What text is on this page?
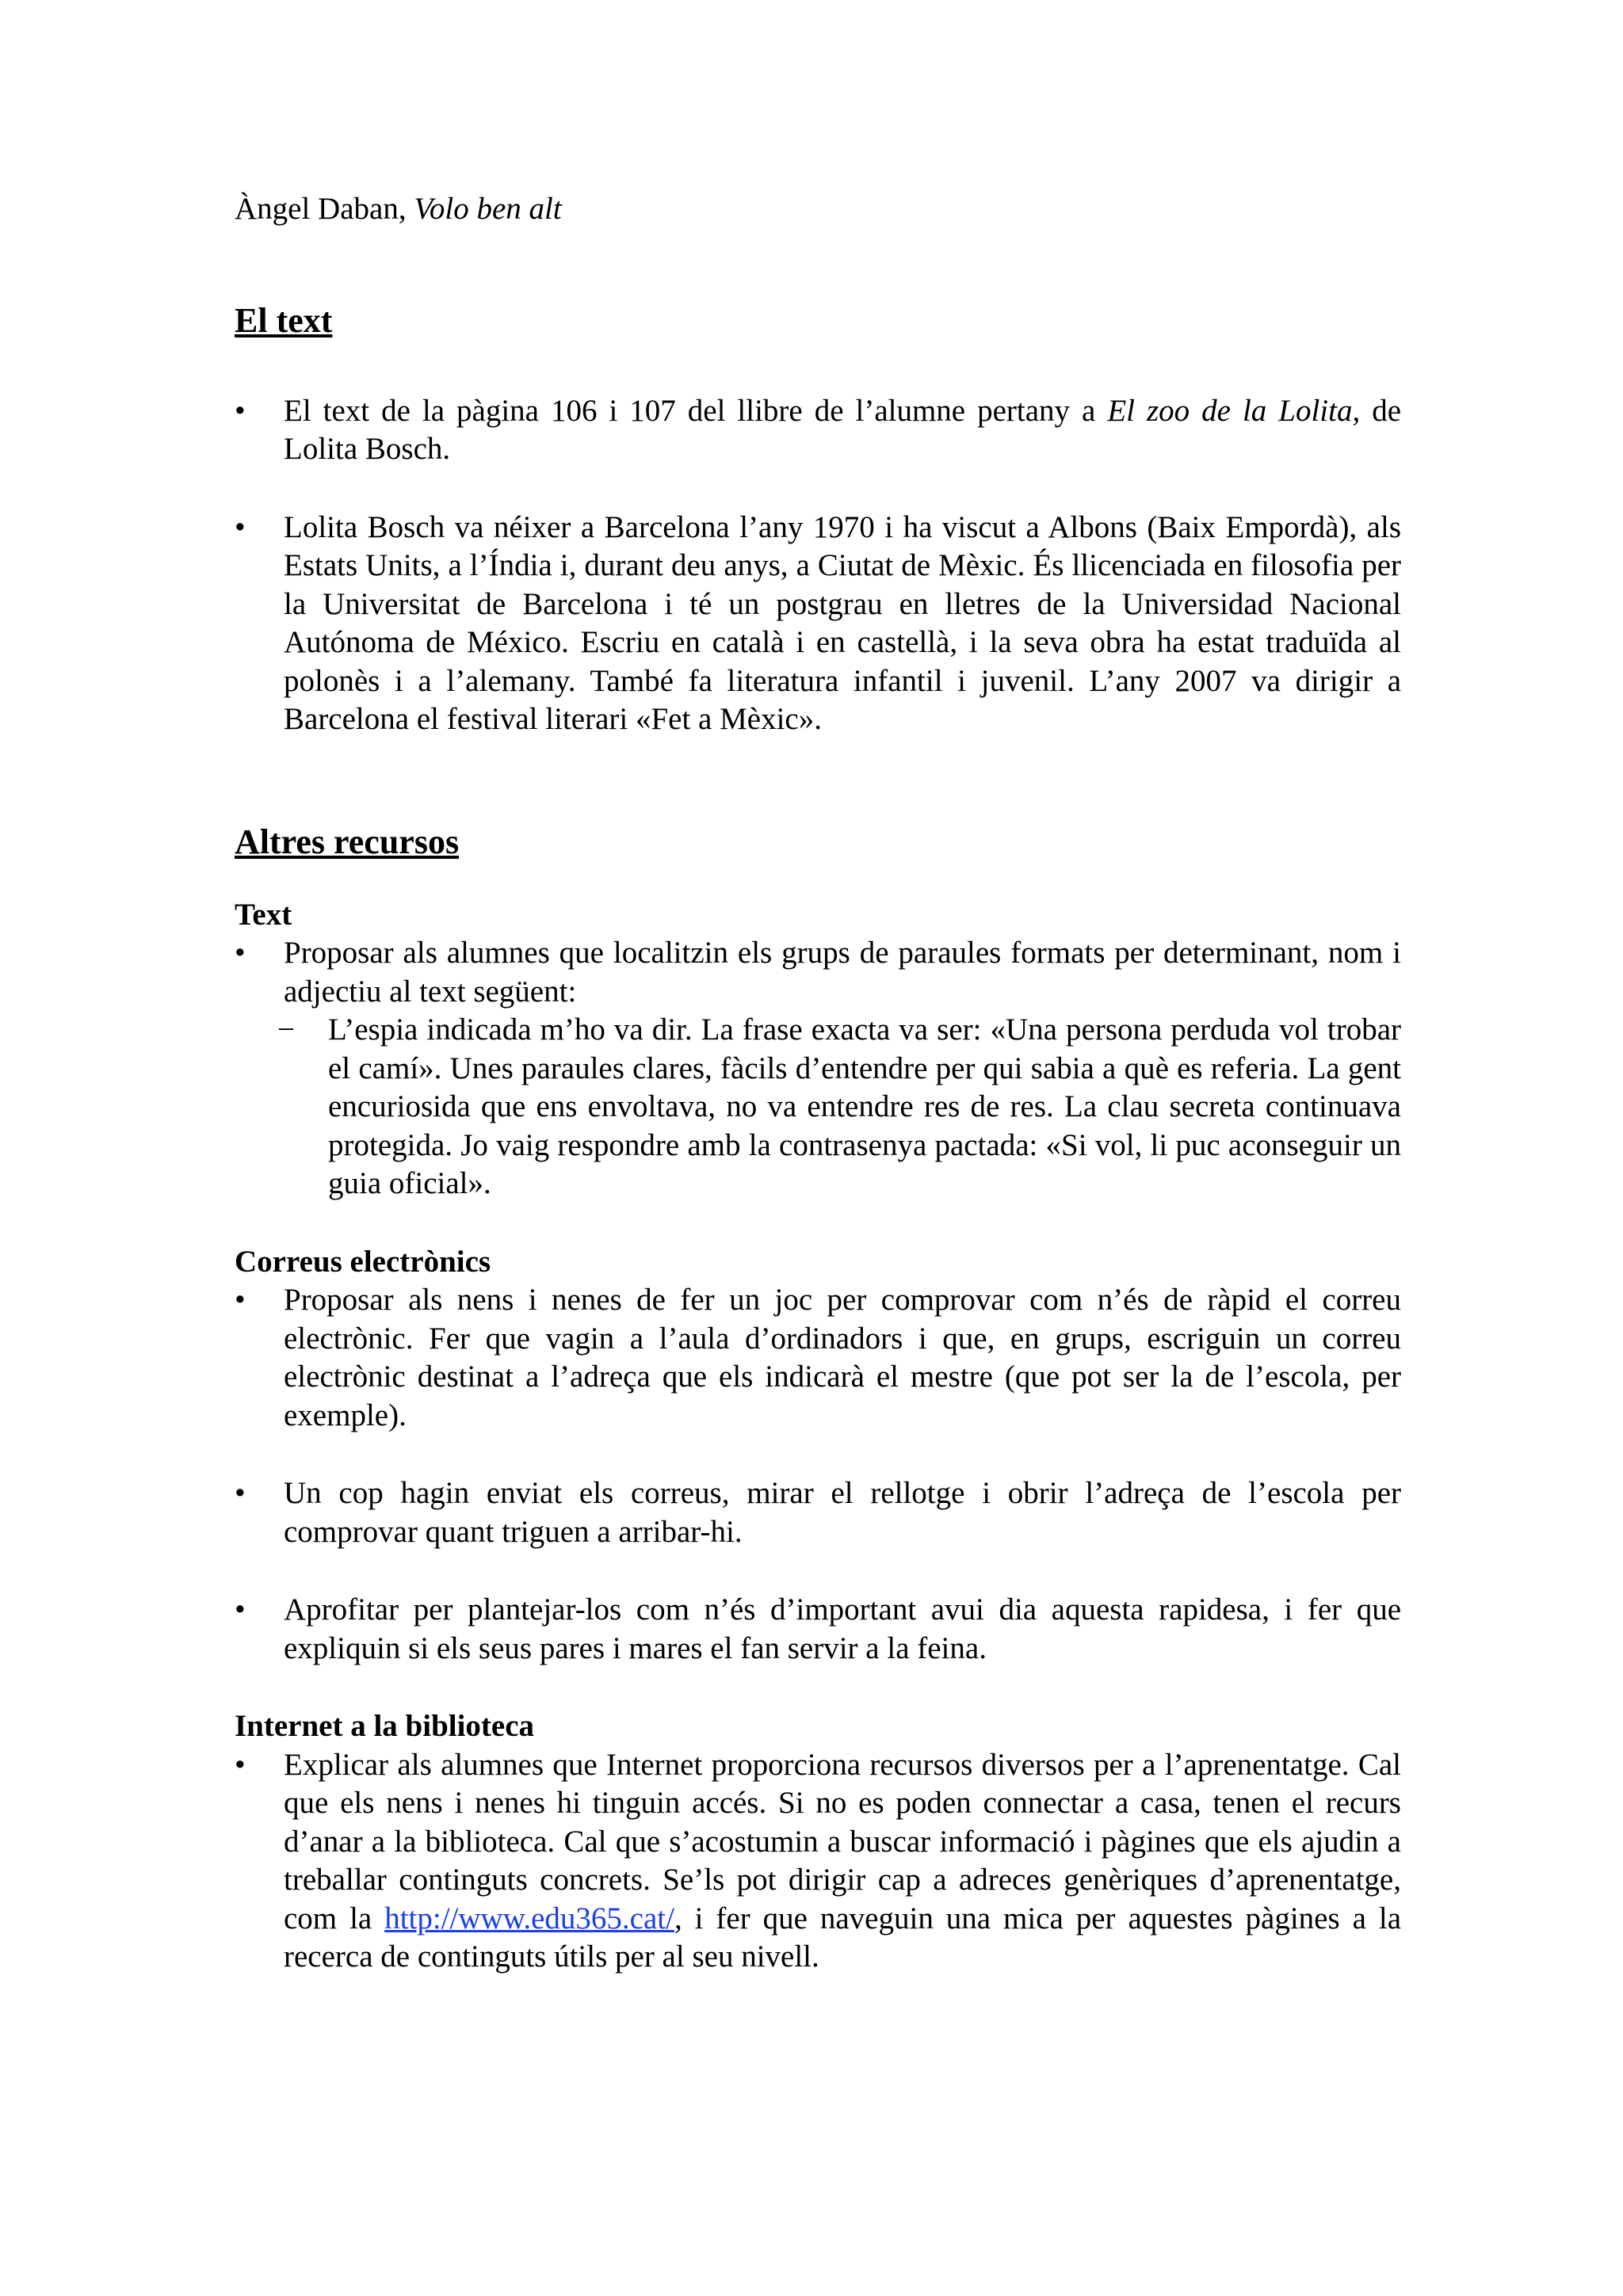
Àngel Daban, Volo ben alt

El text

•	El text de la pàgina 106 i 107 del llibre de l’alumne pertany a El zoo de la Lolita, de Lolita Bosch.
•	Lolita Bosch va néixer a Barcelona l’any 1970 i ha viscut a Albons (Baix Empordà), als Estats Units, a l’Índia i, durant deu anys, a Ciutat de Mèxic. És llicenciada en filosofia per la Universitat de Barcelona i té un postgrau en lletres de la Universidad Nacional Autónoma de México. Escriu en català i en castellà, i la seva obra ha estat traduïda al polonès i a l’alemany. També fa literatura infantil i juvenil. L’any 2007 va dirigir a Barcelona el festival literari «Fet a Mèxic».

Altres recursos

Text

•	Proposar als alumnes que localitzin els grups de paraules formats per determinant, nom i adjectiu al text següent:
−	L’espia indicada m’ho va dir. La frase exacta va ser: «Una persona perduda vol trobar el camí». Unes paraules clares, fàcils d’entendre per qui sabia a què es referia. La gent encuriosida que ens envoltava, no va entendre res de res. La clau secreta continuava protegida. Jo vaig respondre amb la contrasenya pactada: «Si vol, li puc aconseguir un guia oficial».

Correus electrònics

•	Proposar als nens i nenes de fer un joc per comprovar com n’és de ràpid el correu electrònic. Fer que vagin a l’aula d’ordinadors i que, en grups, escriguin un correu electrònic destinat a l’adreça que els indicarà el mestre (que pot ser la de l’escola, per exemple).
•	Un cop hagin enviat els correus, mirar el rellotge i obrir l’adreça de l’escola per comprovar quant triguen a arribar-hi.
•	Aprofitar per plantejar-los com n’és d’important avui dia aquesta rapidesa, i fer que expliquin si els seus pares i mares el fan servir a la feina.

Internet a la biblioteca

•	Explicar als alumnes que Internet proporciona recursos diversos per a l’aprenentatge. Cal que els nens i nenes hi tinguin accés. Si no es poden connectar a casa, tenen el recurs d’anar a la biblioteca. Cal que s’acostumin a buscar informació i pàgines que els ajudin a treballar continguts concrets. Se’ls pot dirigir cap a adreces genèriques d’aprenentatge, com la http://www.edu365.cat/, i fer que naveguin una mica per aquestes pàgines a la recerca de continguts útils per al seu nivell.
